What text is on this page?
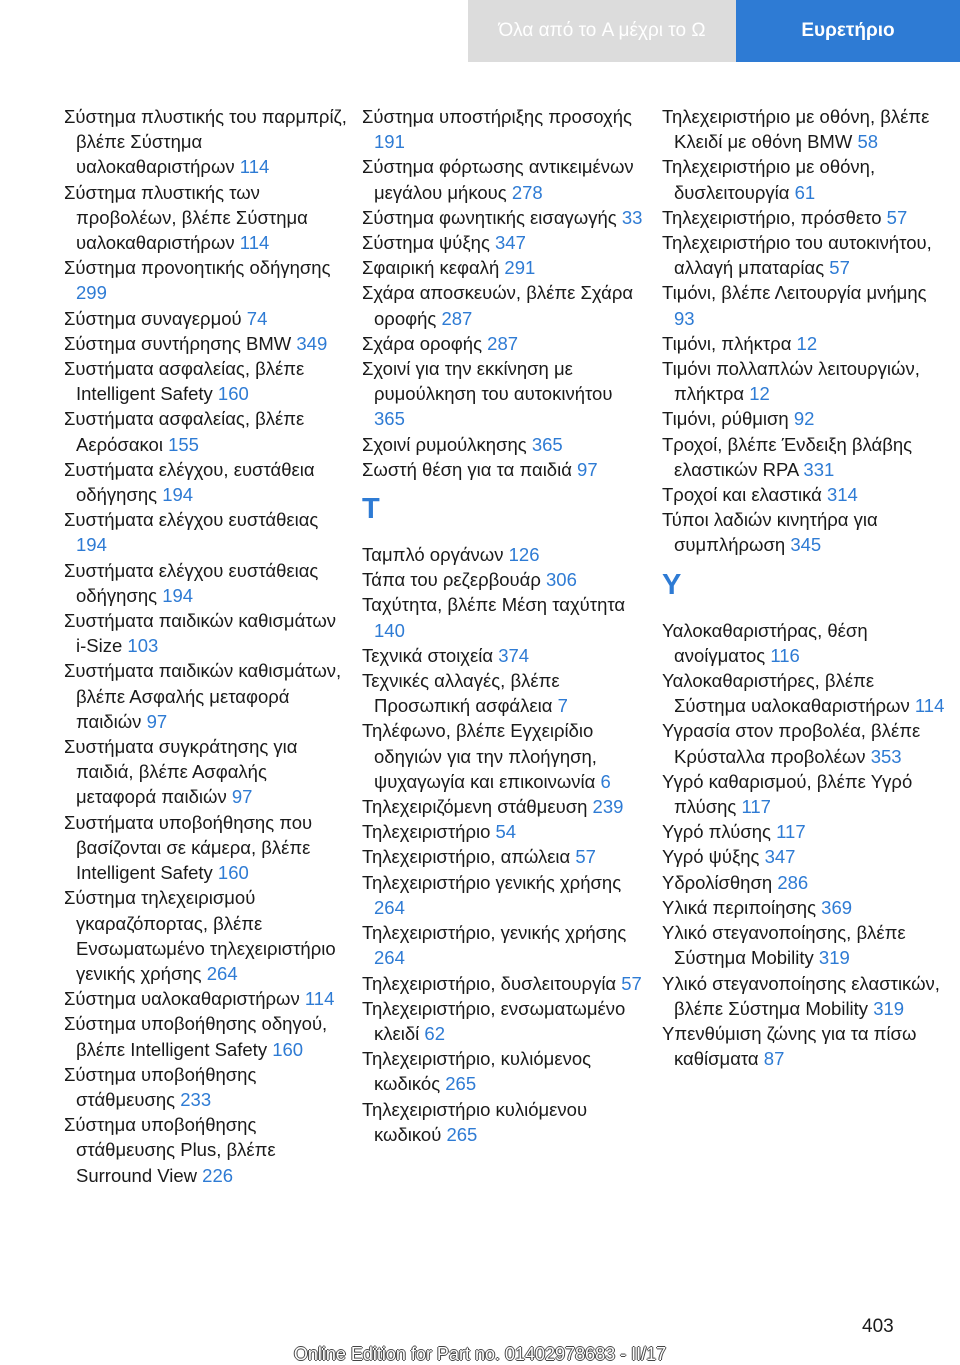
Όλα από το A μέχρι το Ω	Ευρετήριο
Σύστημα πλυστικής του παρμπρίζ, βλέπε Σύστημα υαλοκαθαριστήρων 114
Σύστημα πλυστικής των προβολέων, βλέπε Σύστημα υαλοκαθαριστήρων 114
Σύστημα προνοητικής οδήγησης 299
Σύστημα συναγερμού 74
Σύστημα συντήρησης BMW 349
Συστήματα ασφαλείας, βλέπε Intelligent Safety 160
Συστήματα ασφαλείας, βλέπε Αερόσακοι 155
Συστήματα ελέγχου, ευστάθεια οδήγησης 194
Συστήματα ελέγχου ευστάθειας 194
Συστήματα ελέγχου ευστάθειας οδήγησης 194
Συστήματα παιδικών καθισμάτων i‑Size 103
Συστήματα παιδικών καθισμάτων, βλέπε Ασφαλής μεταφορά παιδιών 97
Συστήματα συγκράτησης για παιδιά, βλέπε Ασφαλής μεταφορά παιδιών 97
Συστήματα υποβοήθησης που βασίζονται σε κάμερα, βλέπε Intelligent Safety 160
Σύστημα τηλεχειρισμού γκαραζόπορτας, βλέπε Ενσωματωμένο τηλεχειριστήριο γενικής χρήσης 264
Σύστημα υαλοκαθαριστήρων 114
Σύστημα υποβοήθησης οδηγού, βλέπε Intelligent Safety 160
Σύστημα υποβοήθησης στάθμευσης 233
Σύστημα υποβοήθησης στάθμευσης Plus, βλέπε Surround View 226
Σύστημα υποστήριξης προσοχής 191
Σύστημα φόρτωσης αντικειμένων μεγάλου μήκους 278
Σύστημα φωνητικής εισαγωγής 33
Σύστημα ψύξης 347
Σφαιρική κεφαλή 291
Σχάρα αποσκευών, βλέπε Σχάρα οροφής 287
Σχάρα οροφής 287
Σχοινί για την εκκίνηση με ρυμούλκηση του αυτοκινήτου 365
Σχοινί ρυμούλκησης 365
Σωστή θέση για τα παιδιά 97
T
Ταμπλό οργάνων 126
Τάπα του ρεζερβουάρ 306
Ταχύτητα, βλέπε Μέση ταχύτητα 140
Τεχνικά στοιχεία 374
Τεχνικές αλλαγές, βλέπε Προσωπική ασφάλεια 7
Τηλέφωνο, βλέπε Εγχειρίδιο οδηγιών για την πλοήγηση, ψυχαγωγία και επικοινωνία 6
Τηλεχειριζόμενη στάθμευση 239
Τηλεχειριστήριο 54
Τηλεχειριστήριο, απώλεια 57
Τηλεχειριστήριο γενικής χρήσης 264
Τηλεχειριστήριο, γενικής χρήσης 264
Τηλεχειριστήριο, δυσλειτουργία 57
Τηλεχειριστήριο, ενσωματωμένο κλειδί 62
Τηλεχειριστήριο, κυλιόμενος κωδικός 265
Τηλεχειριστήριο κυλιόμενου κωδικού 265
Τηλεχειριστήριο με οθόνη, βλέπε Κλειδί με οθόνη BMW 58
Τηλεχειριστήριο με οθόνη, δυσλειτουργία 61
Τηλεχειριστήριο, πρόσθετο 57
Τηλεχειριστήριο του αυτοκινήτου, αλλαγή μπαταρίας 57
Τιμόνι, βλέπε Λειτουργία μνήμης 93
Τιμόνι, πλήκτρα 12
Τιμόνι πολλαπλών λειτουργιών, πλήκτρα 12
Τιμόνι, ρύθμιση 92
Τροχοί, βλέπε Ένδειξη βλάβης ελαστικών RPA 331
Τροχοί και ελαστικά 314
Τύποι λαδιών κινητήρα για συμπλήρωση 345
Y
Υαλοκαθαριστήρας, θέση ανοίγματος 116
Υαλοκαθαριστήρες, βλέπε Σύστημα υαλοκαθαριστήρων 114
Υγρασία στον προβολέα, βλέπε Κρύσταλλα προβολέων 353
Υγρό καθαρισμού, βλέπε Υγρό πλύσης 117
Υγρό πλύσης 117
Υγρό ψύξης 347
Υδρολίσθηση 286
Υλικά περιποίησης 369
Υλικό στεγανοποίησης, βλέπε Σύστημα Mobility 319
Υλικό στεγανοποίησης ελαστικών, βλέπε Σύστημα Mobility 319
Υπενθύμιση ζώνης για τα πίσω καθίσματα 87
403
Online Edition for Part no. 01402978683 - II/17
